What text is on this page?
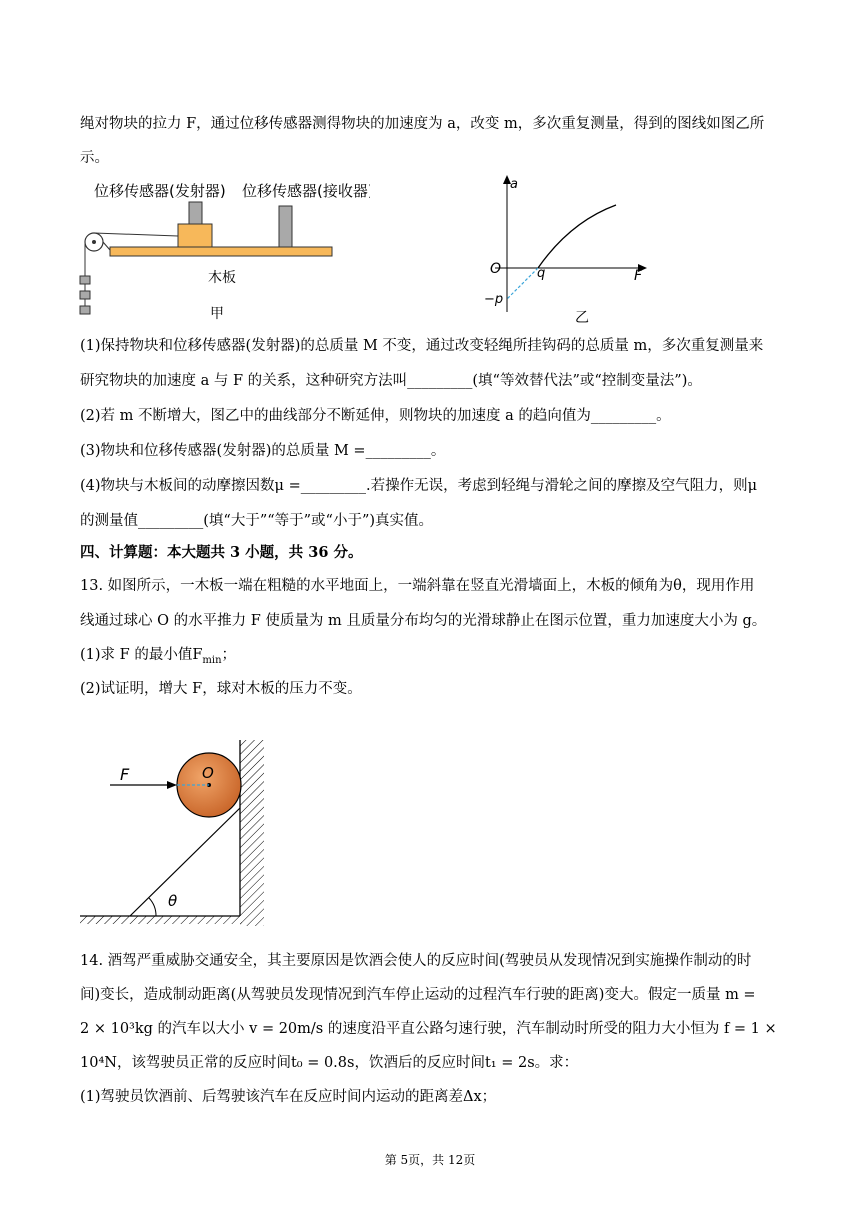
绳对物块的拉力 F，通过位移传感器测得物块的加速度为 a，改变 m，多次重复测量，得到的图线如图乙所
示。
位移传感器(发射器) 位移传感器(接收器)
木板
甲
a
F
O	q
−p
乙
(1)保持物块和位移传感器(发射器)的总质量 M 不变，通过改变轻绳所挂钩码的总质量 m，多次重复测量来
研究物块的加速度 a 与 F 的关系，这种研究方法叫_________(填“等效替代法”或“控制变量法”)。
(2)若 m 不断增大，图乙中的曲线部分不断延伸，则物块的加速度 a 的趋向值为_________。
(3)物块和位移传感器(发射器)的总质量 M =_________。
(4)物块与木板间的动摩擦因数μ =_________.若操作无误，考虑到轻绳与滑轮之间的摩擦及空气阻力，则μ
的测量值_________(填“大于”“等于”或“小于”)真实值。
四、计算题：本大题共 3 小题，共 36 分。
13. 如图所示，一木板一端在粗糙的水平地面上，一端斜靠在竖直光滑墙面上，木板的倾角为θ，现用作用
线通过球心 O 的水平推力 F 使质量为 m 且质量分布均匀的光滑球静止在图示位置，重力加速度大小为 g。
(1)求 F 的最小值$F_{min}$；
(2)试证明，增大 F，球对木板的压力不变。
F	O
θ
14. 酒驾严重威胁交通安全，其主要原因是饮酒会使人的反应时间(驾驶员从发现情况到实施操作制动的时
间)变长，造成制动距离(从驾驶员发现情况到汽车停止运动的过程汽车行驶的距离)变大。假定一质量 m =
2 × 10³kg 的汽车以大小 v = 20m/s 的速度沿平直公路匀速行驶，汽车制动时所受的阻力大小恒为 f = 1 ×
10⁴N，该驾驶员正常的反应时间t₀ = 0.8s，饮酒后的反应时间t₁ = 2s。求：
(1)驾驶员饮酒前、后驾驶该汽车在反应时间内运动的距离差Δx；
第 5页，共 12页
